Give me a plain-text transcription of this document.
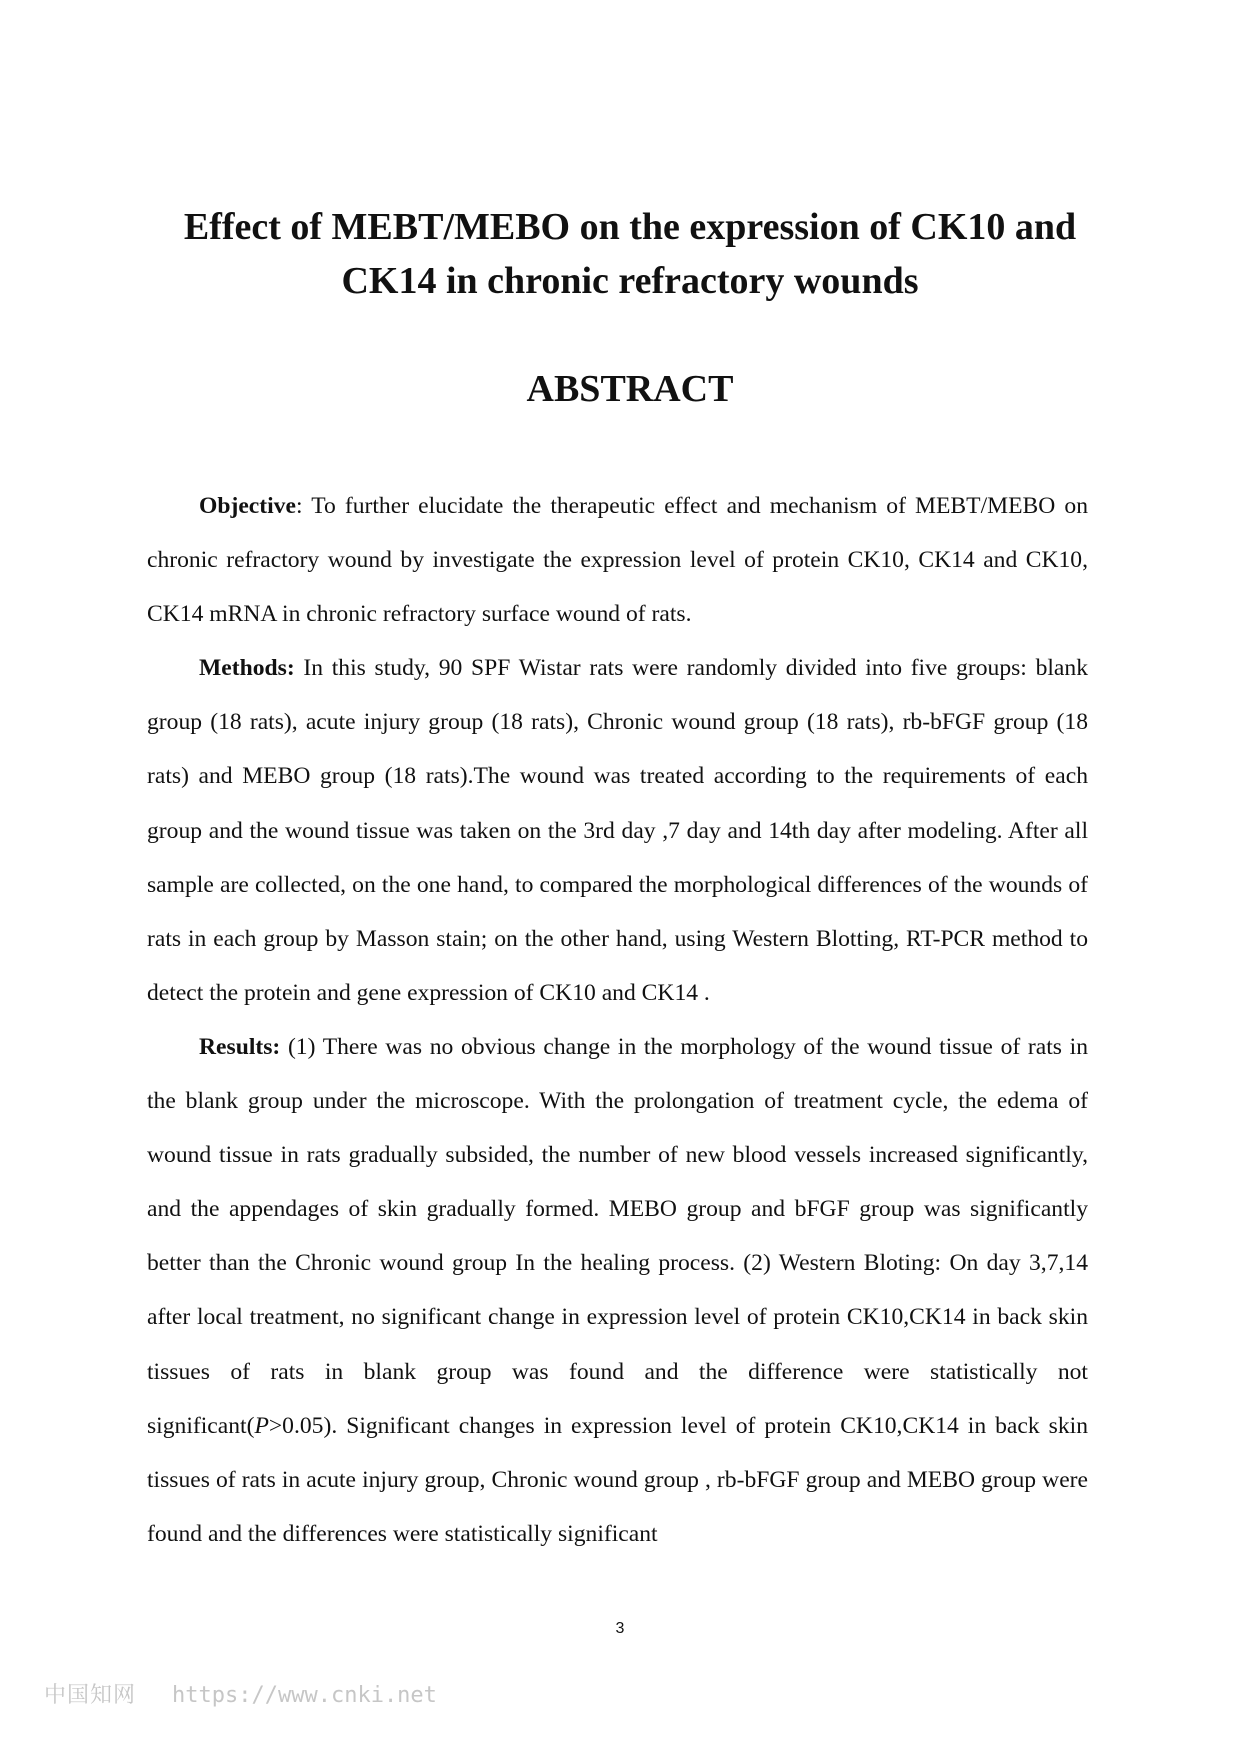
Effect of MEBT/MEBO on the expression of CK10 and
CK14 in chronic refractory wounds
ABSTRACT

Objective: To further elucidate the therapeutic effect and mechanism of MEBT/MEBO on chronic refractory wound by investigate the expression level of protein CK10, CK14 and CK10, CK14 mRNA in chronic refractory surface wound of rats.

Methods: In this study, 90 SPF Wistar rats were randomly divided into five groups: blank group (18 rats), acute injury group (18 rats), Chronic wound group (18 rats), rb-bFGF group (18 rats) and MEBO group (18 rats).The wound was treated according to the requirements of each group and the wound tissue was taken on the 3rd day ,7 day and 14th day after modeling. After all sample are collected, on the one hand, to compared the morphological differences of the wounds of rats in each group by Masson stain; on the other hand, using Western Blotting, RT-PCR method to detect the protein and gene expression of CK10 and CK14 .

Results: (1) There was no obvious change in the morphology of the wound tissue of rats in the blank group under the microscope. With the prolongation of treatment cycle, the edema of wound tissue in rats gradually subsided, the number of new blood vessels increased significantly, and the appendages of skin gradually formed. MEBO group and bFGF group was significantly better than the Chronic wound group In the healing process. (2) Western Bloting: On day 3,7,14 after local treatment, no significant change in expression level of protein CK10,CK14 in back skin tissues of rats in blank group was found and the difference were statistically not significant(P>0.05). Significant changes in expression level of protein CK10,CK14 in back skin tissues of rats in acute injury group, Chronic wound group , rb-bFGF group and MEBO group were found and the differences were statistically significant

3
中国知网 https://www.cnki.net
